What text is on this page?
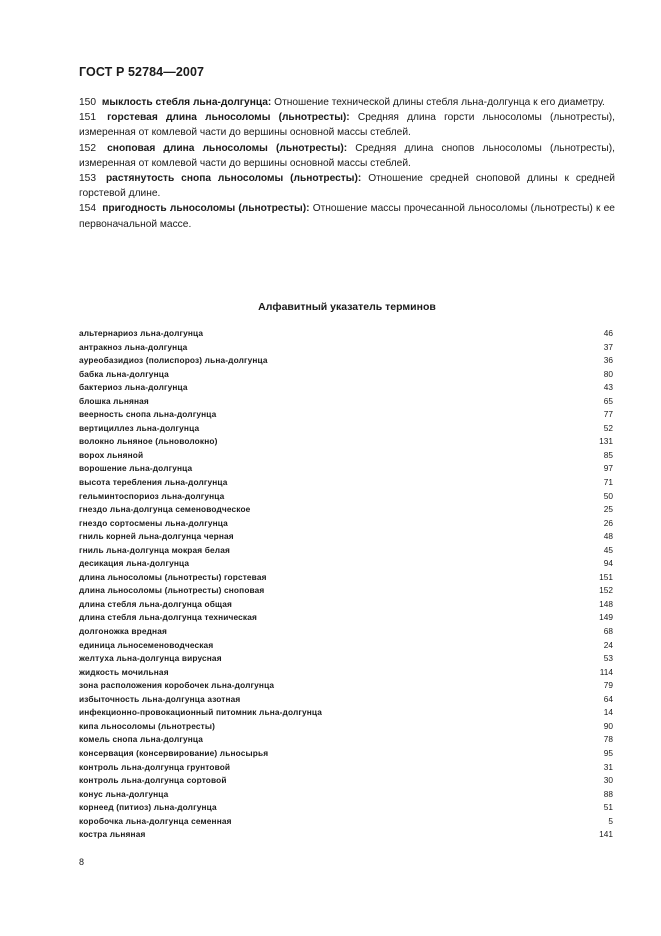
ГОСТ Р 52784—2007

150 мыклость стебля льна-долгунца: Отношение технической длины стебля льна-долгунца к его диаметру.

151 горстевая длина льносоломы (льнотресты): Средняя длина горсти льносоломы (льнотресты), измеренная от комлевой части до вершины основной массы стеблей.

152 сноповая длина льносоломы (льнотресты): Средняя длина снопов льносоломы (льнотресты), измеренная от комлевой части до вершины основной массы стеблей.

153 растянутость снопа льносоломы (льнотресты): Отношение средней сноповой длины к средней горстевой длине.

154 пригодность льносоломы (льнотресты): Отношение массы прочесанной льносоломы (льнотресты) к ее первоначальной массе.

Алфавитный указатель терминов
альтернариоз льна-долгунца	46
антракноз льна-долгунца	37
ауреобазидиоз (полиспороз) льна-долгунца	36
бабка льна-долгунца	80
бактериоз льна-долгунца	43
блошка льняная	65
веерность снопа льна-долгунца	77
вертициллез льна-долгунца	52
волокно льняное (льноволокно)	131
ворох льняной	85
ворошение льна-долгунца	97
высота теребления льна-долгунца	71
гельминтоспориоз льна-долгунца	50
гнездо льна-долгунца семеноводческое	25
гнездо сортосмены льна-долгунца	26
гниль корней льна-долгунца черная	48
гниль льна-долгунца мокрая белая	45
десикация льна-долгунца	94
длина льносоломы (льнотресты) горстевая	151
длина льносоломы (льнотресты) сноповая	152
длина стебля льна-долгунца общая	148
длина стебля льна-долгунца техническая	149
долгоножка вредная	68
единица льносеменоводческая	24
желтуха льна-долгунца вирусная	53
жидкость мочильная	114
зона расположения коробочек льна-долгунца	79
избыточность льна-долгунца азотная	64
инфекционно-провокационный питомник льна-долгунца	14
кипа льносоломы (льнотресты)	90
комель снопа льна-долгунца	78
консервация (консервирование) льносырья	95
контроль льна-долгунца грунтовой	31
контроль льна-долгунца сортовой	30
конус льна-долгунца	88
корнеед (питиоз) льна-долгунца	51
коробочка льна-долгунца семенная	5
костра льняная	141
8
